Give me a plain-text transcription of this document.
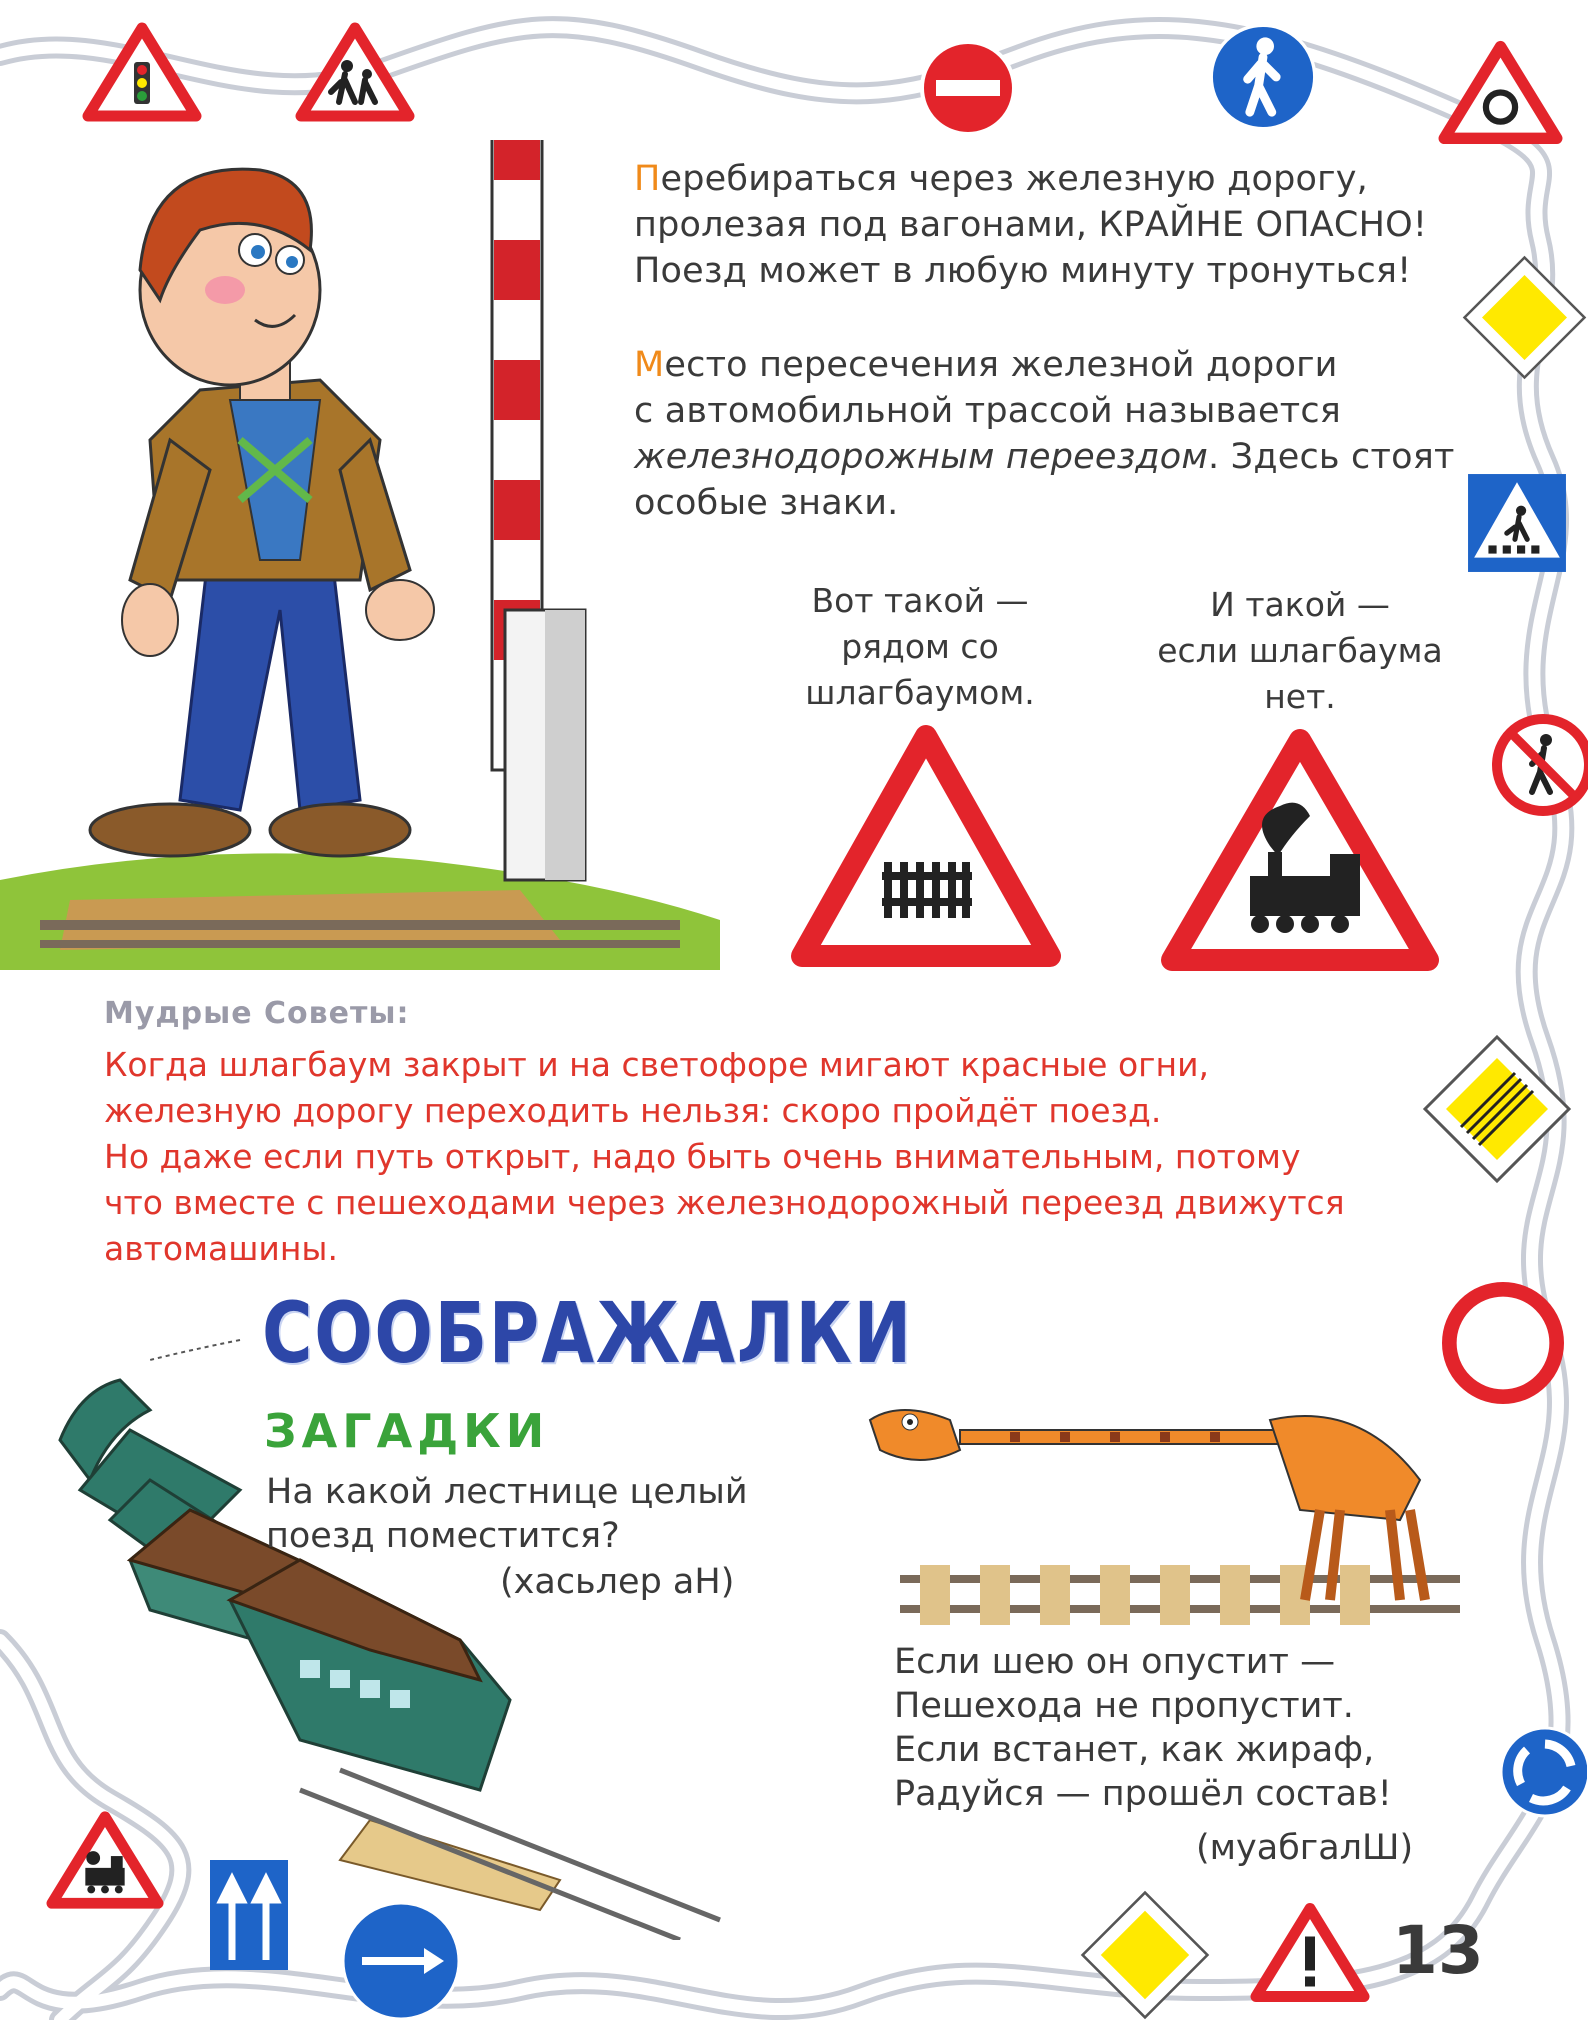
Перебираться через железную дорогу,
пролезая под вагонами, КРАЙНЕ ОПАСНО!
Поезд может в любую минуту тронуться!
Место пересечения железной дороги
с автомобильной трассой называется
железнодорожным переездом. Здесь стоят
особые знаки.
Вот такой —
рядом со
шлагбаумом.
И такой —
если шлагбаума
нет.
Мудрые Советы:
Когда шлагбаум закрыт и на светофоре мигают красные огни,
железную дорогу переходить нельзя: скоро пройдёт поезд.
Но даже если путь открыт, надо быть очень внимательным, потому
что вместе с пешеходами через железнодорожный переезд движутся
автомашины.
СООБРАЖАЛКИ
ЗАГАДКИ
На какой лестнице целый
поезд поместится?
(хасьлер аН)
Если шею он опустит —
Пешехода не пропустит.
Если встанет, как жираф,
Радуйся — прошёл состав!
(муабгалШ)
13
